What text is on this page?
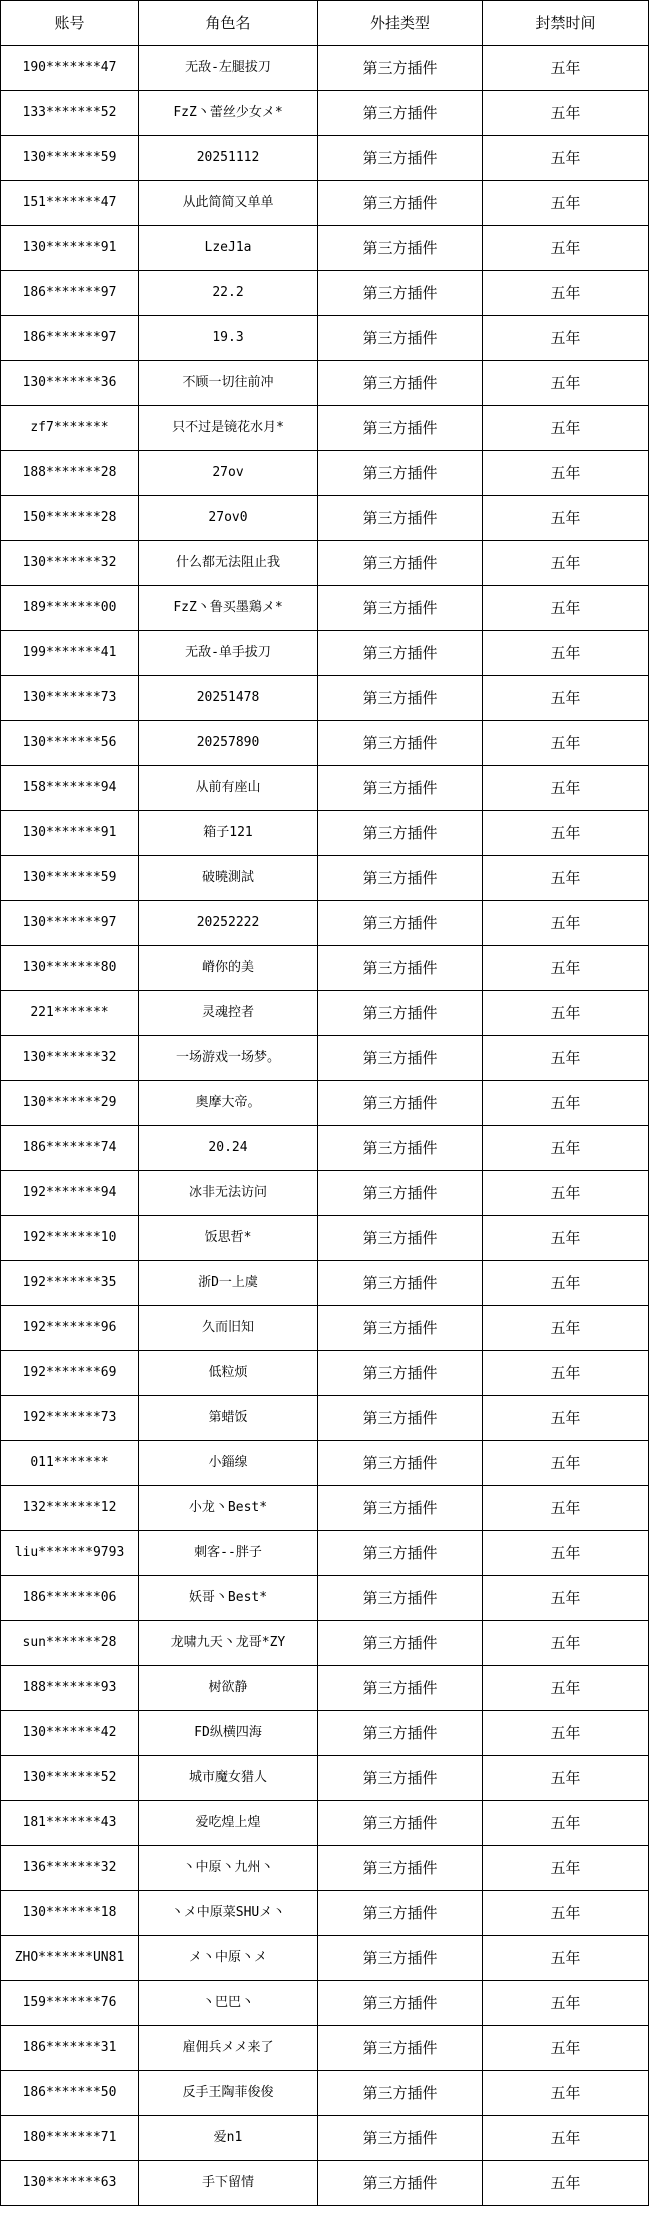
账号	角色名	外挂类型	封禁时间
190*******47	无敌-左腿拔刀	第三方插件	五年
133*******52	FzZ丶蕾丝少女メ*	第三方插件	五年
130*******59	20251112	第三方插件	五年
151*******47	从此简简又单单	第三方插件	五年
130*******91	LzeJ1a	第三方插件	五年
186*******97	22.2	第三方插件	五年
186*******97	19.3	第三方插件	五年
130*******36	不顾一切往前冲	第三方插件	五年
zf7*******	只不过是镜花水月*	第三方插件	五年
188*******28	27ov	第三方插件	五年
150*******28	27ov0	第三方插件	五年
130*******32	什么都无法阻止我	第三方插件	五年
189*******00	FzZ丶鲁买墨鶏メ*	第三方插件	五年
199*******41	无敌-单手拔刀	第三方插件	五年
130*******73	20251478	第三方插件	五年
130*******56	20257890	第三方插件	五年
158*******94	从前有座山	第三方插件	五年
130*******91	箱子121	第三方插件	五年
130*******59	破曉測試	第三方插件	五年
130*******97	20252222	第三方插件	五年
130*******80	嵴你的美	第三方插件	五年
221*******	灵魂控者	第三方插件	五年
130*******32	一场游戏一场梦。	第三方插件	五年
130*******29	奥摩大帝。	第三方插件	五年
186*******74	20.24	第三方插件	五年
192*******94	冰非无法访问	第三方插件	五年
192*******10	饭思哲*	第三方插件	五年
192*******35	浙D一上虞	第三方插件	五年
192*******96	久而旧知	第三方插件	五年
192*******69	低粒烦	第三方插件	五年
192*******73	第蜡饭	第三方插件	五年
011*******	小錙缐	第三方插件	五年
132*******12	小龙丶Best*	第三方插件	五年
liu*******9793	刺客--胖子	第三方插件	五年
186*******06	妖哥丶Best*	第三方插件	五年
sun*******28	龙啸九天丶龙哥*ZY	第三方插件	五年
188*******93	树欲静	第三方插件	五年
130*******42	FD纵横四海	第三方插件	五年
130*******52	城市魔女猎人	第三方插件	五年
181*******43	爱吃煌上煌	第三方插件	五年
136*******32	丶中原丶九州丶	第三方插件	五年
130*******18	丶メ中原菜SHUメ丶	第三方插件	五年
ZHO*******UN81	メ丶中原丶メ	第三方插件	五年
159*******76	丶巴巴丶	第三方插件	五年
186*******31	雇佣兵メメ来了	第三方插件	五年
186*******50	反手王陶菲俊俊	第三方插件	五年
180*******71	爱n1	第三方插件	五年
130*******63	手下留情	第三方插件	五年
